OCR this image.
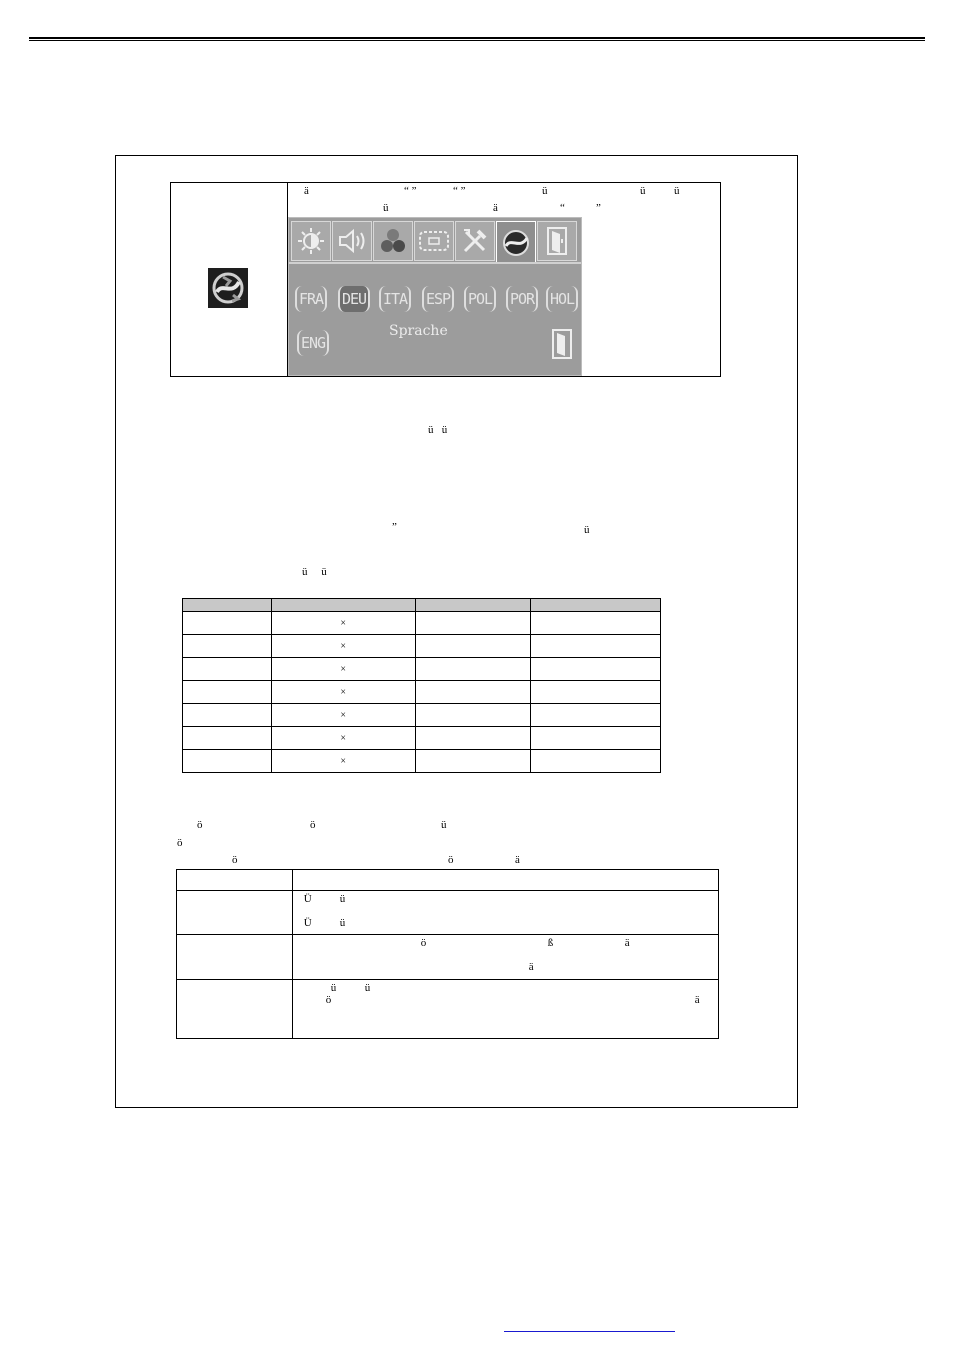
ä	“ ”	“ ”	ü	ü	ü
ü	ä	“	”
FRA DEU ITA ESP POL POR HOL
ENG
Sprache
ü   ü
”	ü
ü     ü

	×		
	×		
	×		
	×		
	×		
	×		
	×		
ö	ö	ü
ö
ö	ö	ä

	Ü ü
Ü ü

	ö ß ä
ä

	ü ü
ö ä
